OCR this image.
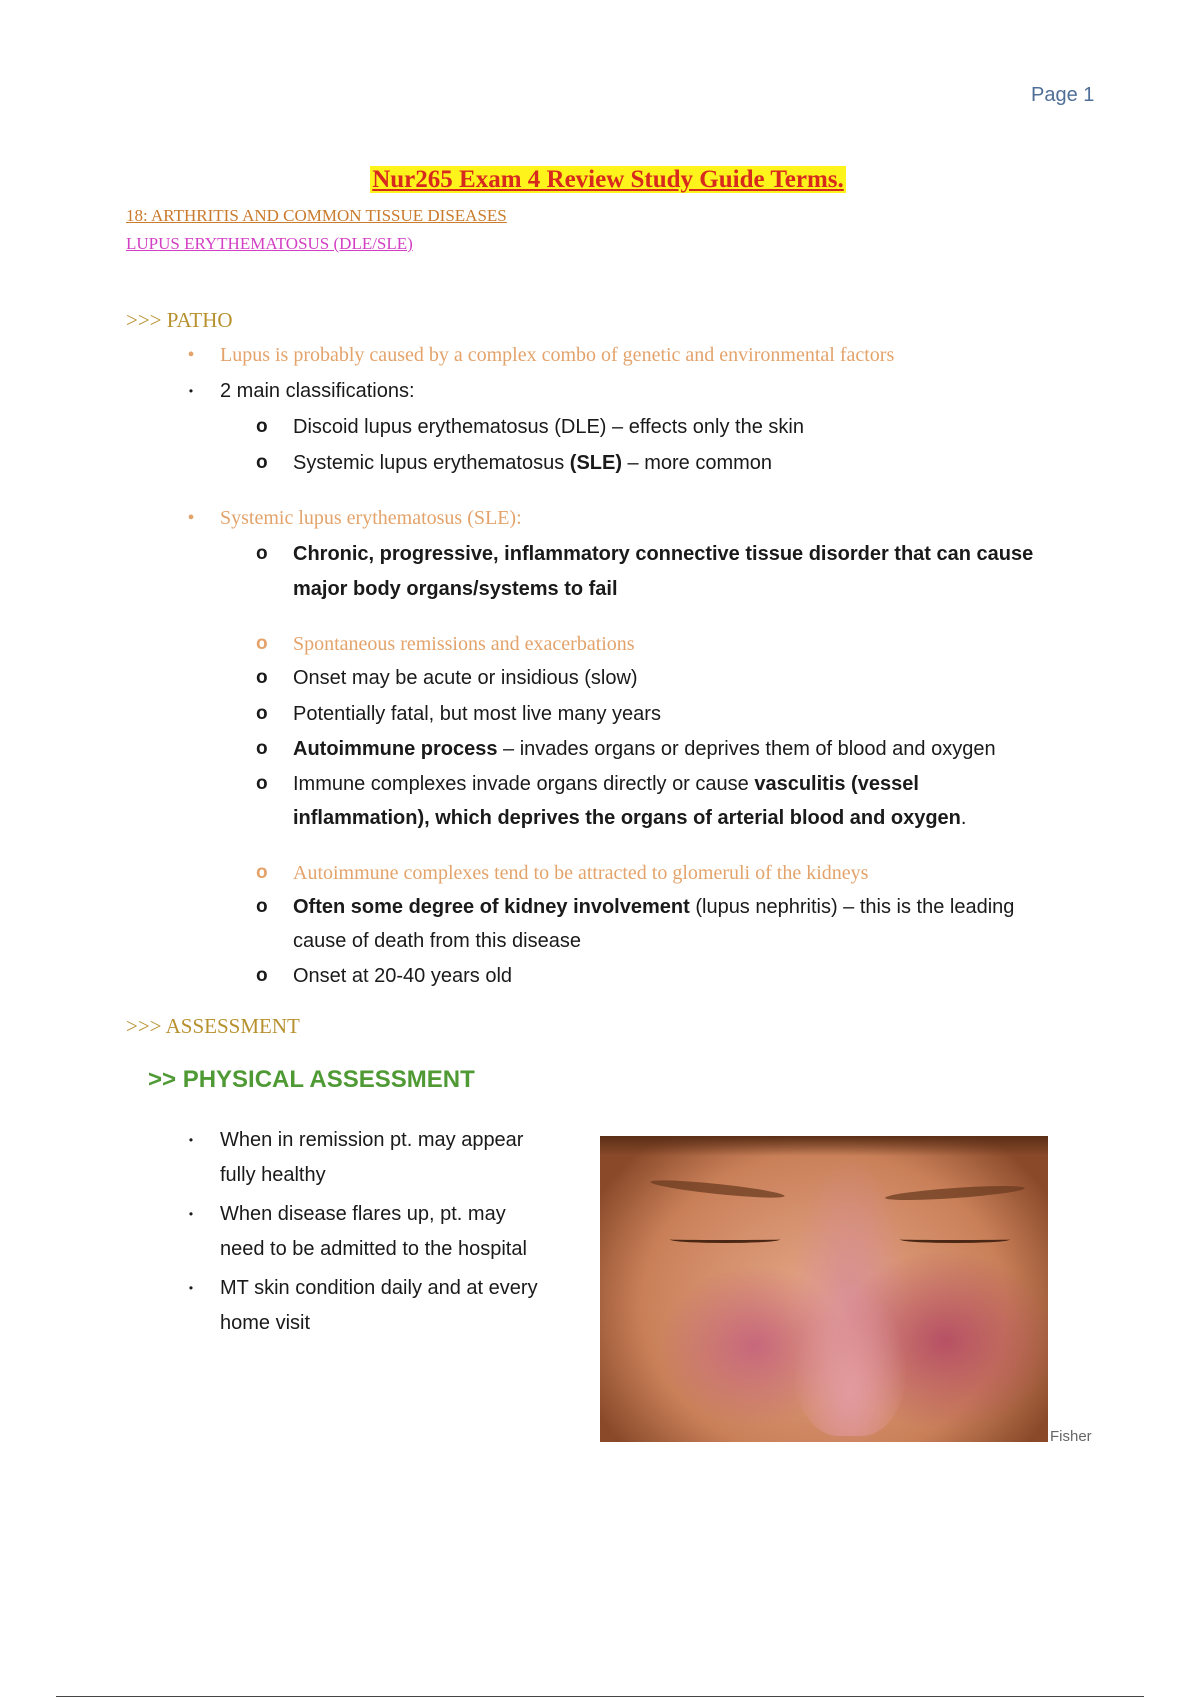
Page 1
Nur265 Exam 4 Review Study Guide Terms.
18: ARTHRITIS AND COMMON TISSUE DISEASES
LUPUS ERYTHEMATOSUS (DLE/SLE)
>>> PATHO
• Lupus is probably caused by a complex combo of genetic and environmental factors
• 2 main classifications:
o Discoid lupus erythematosus (DLE) – effects only the skin
o Systemic lupus erythematosus (SLE) – more common
• Systemic lupus erythematosus (SLE):
o Chronic, progressive, inflammatory connective tissue disorder that can cause
major body organs/systems to fail
o Spontaneous remissions and exacerbations
o Onset may be acute or insidious (slow)
o Potentially fatal, but most live many years
o Autoimmune process – invades organs or deprives them of blood and oxygen
o Immune complexes invade organs directly or cause vasculitis (vessel
inflammation), which deprives the organs of arterial blood and oxygen.
o Autoimmune complexes tend to be attracted to glomeruli of the kidneys
o Often some degree of kidney involvement (lupus nephritis) – this is the leading
cause of death from this disease
o Onset at 20-40 years old
>>> ASSESSMENT
>> PHYSICAL ASSESSMENT
• When in remission pt. may appear
fully healthy
• When disease flares up, pt. may
need to be admitted to the hospital
• MT skin condition daily and at every
home visit
Fisher
